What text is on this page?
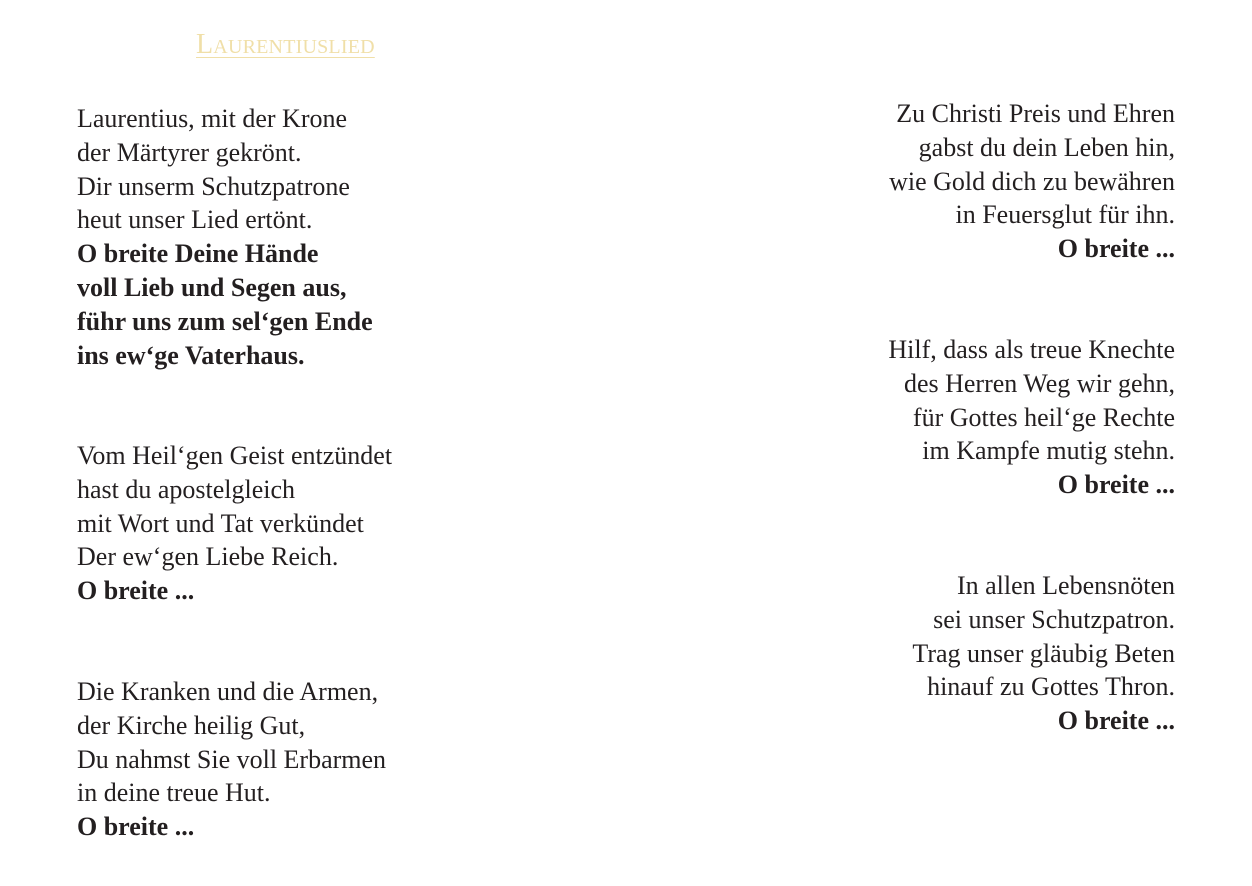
Laurentiuslied
Laurentius, mit der Krone
der Märtyrer gekrönt.
Dir unserm Schutzpatrone
heut unser Lied ertönt.
O breite Deine Hände
voll Lieb und Segen aus,
führ uns zum sel‘gen Ende
ins ew‘ge Vaterhaus.
Vom Heil‘gen Geist entzündet
hast du apostelgleich
mit Wort und Tat verkündet
Der ew‘gen Liebe Reich.
O breite ...
Die Kranken und die Armen,
der Kirche heilig Gut,
Du nahmst Sie voll Erbarmen
in deine treue Hut.
O breite ...
Zu Christi Preis und Ehren
gabst du dein Leben hin,
wie Gold dich zu bewähren
in Feuersglut für ihn.
O breite ...
Hilf, dass als treue Knechte
des Herren Weg wir gehn,
für Gottes heil‘ge Rechte
im Kampfe mutig stehn.
O breite ...
In allen Lebensnöten
sei unser Schutzpatron.
Trag unser gläubig Beten
hinauf zu Gottes Thron.
O breite ...
